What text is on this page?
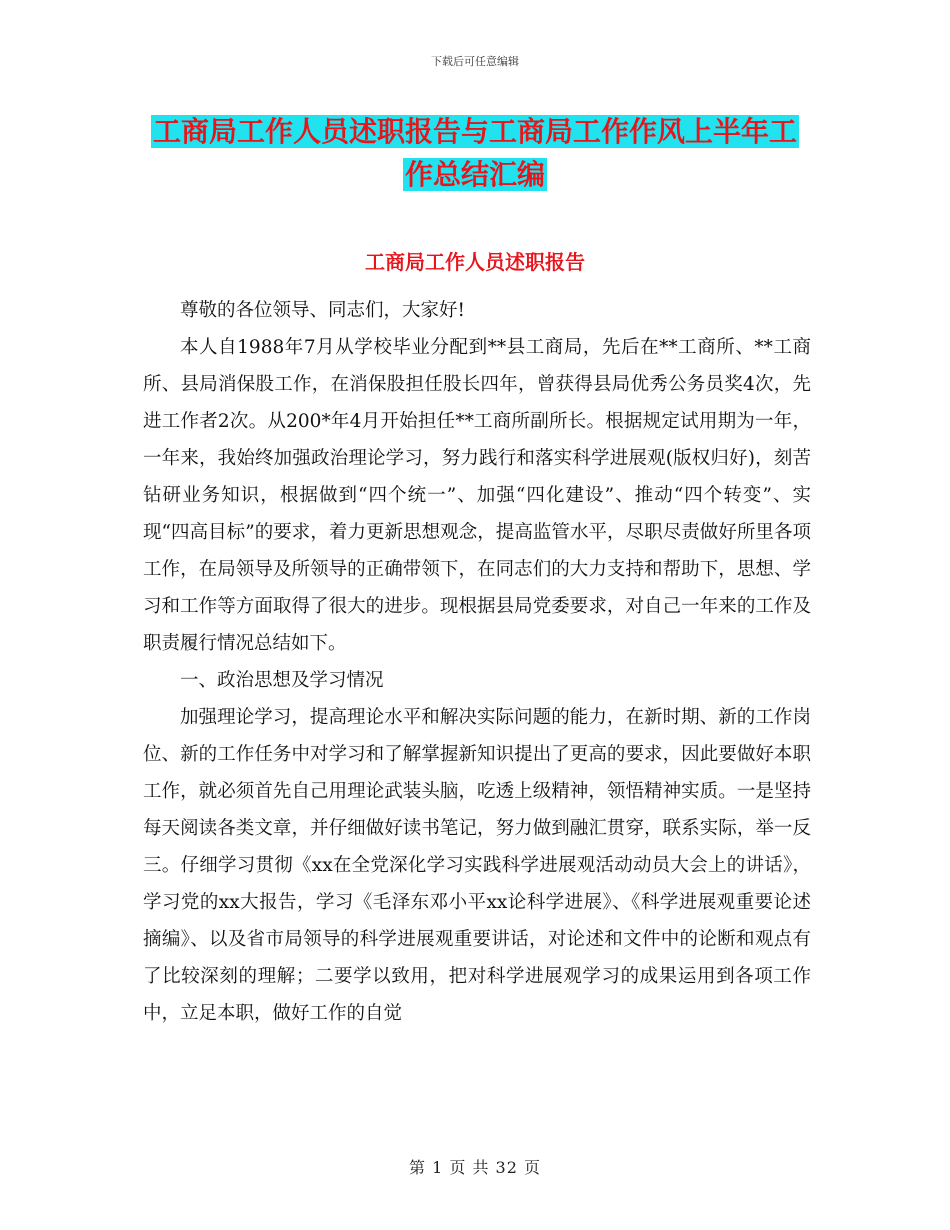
下载后可任意编辑
工商局工作人员述职报告与工商局工作作风上半年工
作总结汇编
工商局工作人员述职报告

尊敬的各位领导、同志们，大家好!

本人自1988年7月从学校毕业分配到**县工商局，先后在**工商所、**工商所、县局消保股工作，在消保股担任股长四年，曾获得县局优秀公务员奖4次，先进工作者2次。从200*年4月开始担任**工商所副所长。根据规定试用期为一年，一年来，我始终加强政治理论学习，努力践行和落实科学进展观(版权归好)，刻苦钻研业务知识，根据做到“四个统一”、加强“四化建设”、推动“四个转变”、实现“四高目标”的要求，着力更新思想观念，提高监管水平，尽职尽责做好所里各项工作，在局领导及所领导的正确带领下，在同志们的大力支持和帮助下，思想、学习和工作等方面取得了很大的进步。现根据县局党委要求，对自己一年来的工作及职责履行情况总结如下。

一、政治思想及学习情况

加强理论学习，提高理论水平和解决实际问题的能力，在新时期、新的工作岗位、新的工作任务中对学习和了解掌握新知识提出了更高的要求，因此要做好本职工作，就必须首先自己用理论武装头脑，吃透上级精神，领悟精神实质。一是坚持每天阅读各类文章，并仔细做好读书笔记，努力做到融汇贯穿，联系实际，举一反三。仔细学习贯彻《xx在全党深化学习实践科学进展观活动动员大会上的讲话》，学习党的xx大报告，学习《毛泽东邓小平xx论科学进展》、《科学进展观重要论述摘编》、以及省市局领导的科学进展观重要讲话，对论述和文件中的论断和观点有了比较深刻的理解；二要学以致用，把对科学进展观学习的成果运用到各项工作中，立足本职，做好工作的自觉

第 1 页 共 32 页
